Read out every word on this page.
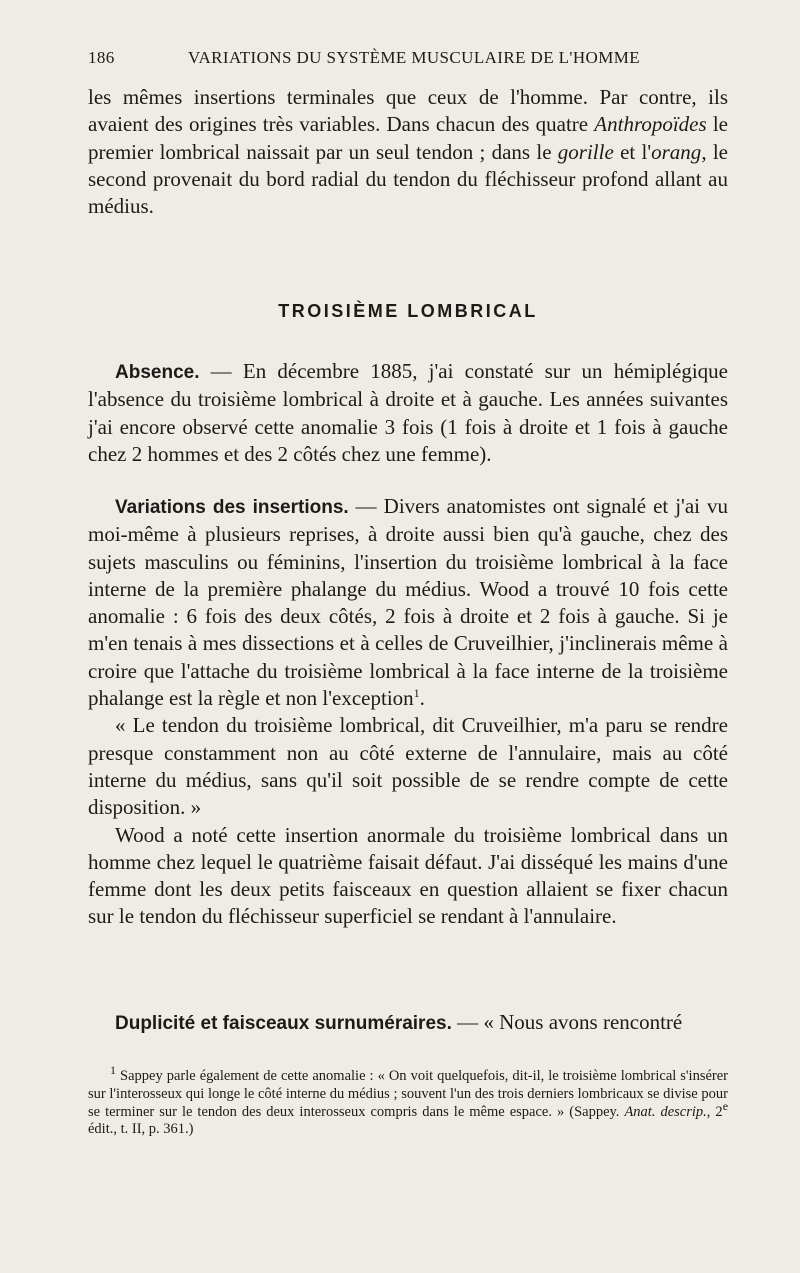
186	VARIATIONS DU SYSTÈME MUSCULAIRE DE L'HOMME

les mêmes insertions terminales que ceux de l'homme. Par contre, ils avaient des origines très variables. Dans chacun des quatre Anthropoïdes le premier lombrical naissait par un seul tendon ; dans le gorille et l'orang, le second provenait du bord radial du tendon du fléchisseur profond allant au médius.

TROISIÈME LOMBRICAL

Absence. — En décembre 1885, j'ai constaté sur un hémiplégique l'absence du troisième lombrical à droite et à gauche. Les années suivantes j'ai encore observé cette anomalie 3 fois (1 fois à droite et 1 fois à gauche chez 2 hommes et des 2 côtés chez une femme).

Variations des insertions. — Divers anatomistes ont signalé et j'ai vu moi-même à plusieurs reprises, à droite aussi bien qu'à gauche, chez des sujets masculins ou féminins, l'insertion du troisième lombrical à la face interne de la première phalange du médius. Wood a trouvé 10 fois cette anomalie : 6 fois des deux côtés, 2 fois à droite et 2 fois à gauche. Si je m'en tenais à mes dissections et à celles de Cruveilhier, j'inclinerais même à croire que l'attache du troisième lombrical à la face interne de la troisième phalange est la règle et non l'exception$^1$.

« Le tendon du troisième lombrical, dit Cruveilhier, m'a paru se rendre presque constamment non au côté externe de l'annulaire, mais au côté interne du médius, sans qu'il soit possible de se rendre compte de cette disposition. »

Wood a noté cette insertion anormale du troisième lombrical dans un homme chez lequel le quatrième faisait défaut. J'ai disséqué les mains d'une femme dont les deux petits faisceaux en question allaient se fixer chacun sur le tendon du fléchisseur superficiel se rendant à l'annulaire.

Duplicité et faisceaux surnuméraires. — « Nous avons rencontré

$^1$ Sappey parle également de cette anomalie : « On voit quelquefois, dit-il, le troisième lombrical s'insérer sur l'interosseux qui longe le côté interne du médius ; souvent l'un des trois derniers lombricaux se divise pour se terminer sur le tendon des deux interosseux compris dans le même espace. » (Sappey. Anat. descrip., 2e édit., t. II, p. 361.)
